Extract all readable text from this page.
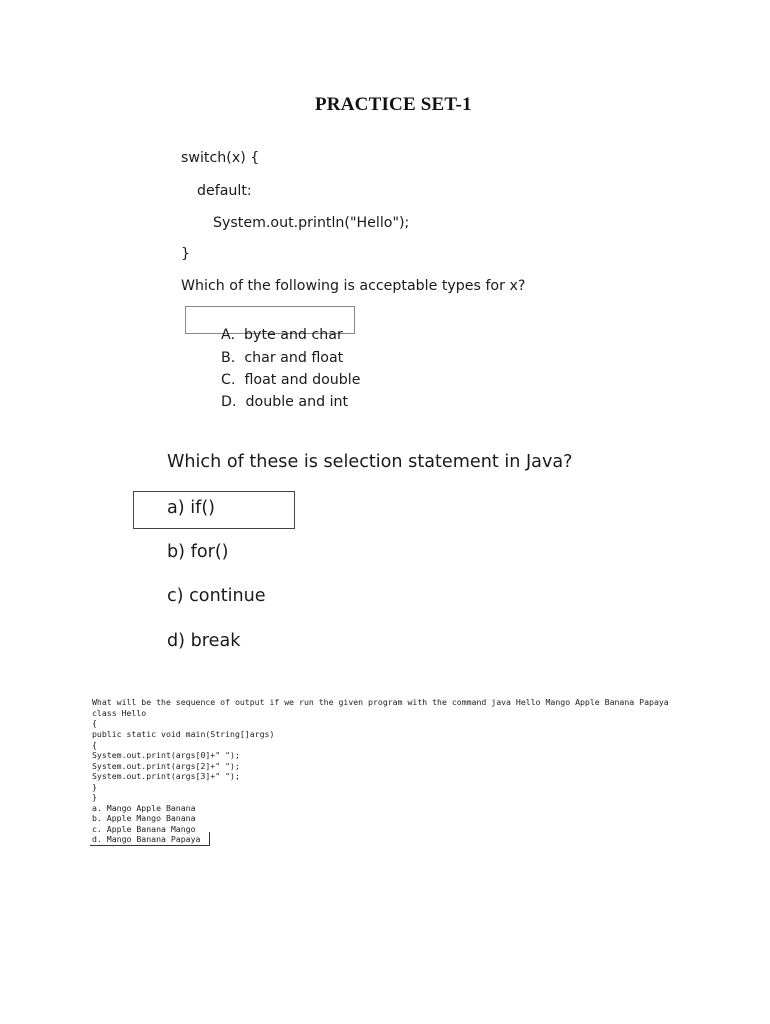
PRACTICE SET-1
switch(x) {
default:
System.out.println("Hello");
}
Which of the following is acceptable types for x?

A. byte and char

B. char and float

C. float and double

D. double and int

Which of these is selection statement in Java?
a) if()
b) for()
c) continue
d) break
What will be the sequence of output if we run the given program with the command java Hello Mango Apple Banana Papaya
class Hello
{
public static void main(String[]args)
{
System.out.print(args[0]+" ");
System.out.print(args[2]+" ");
System.out.print(args[3]+" ");
}
}
a. Mango Apple Banana
b. Apple Mango Banana
c. Apple Banana Mango
d. Mango Banana Papaya
